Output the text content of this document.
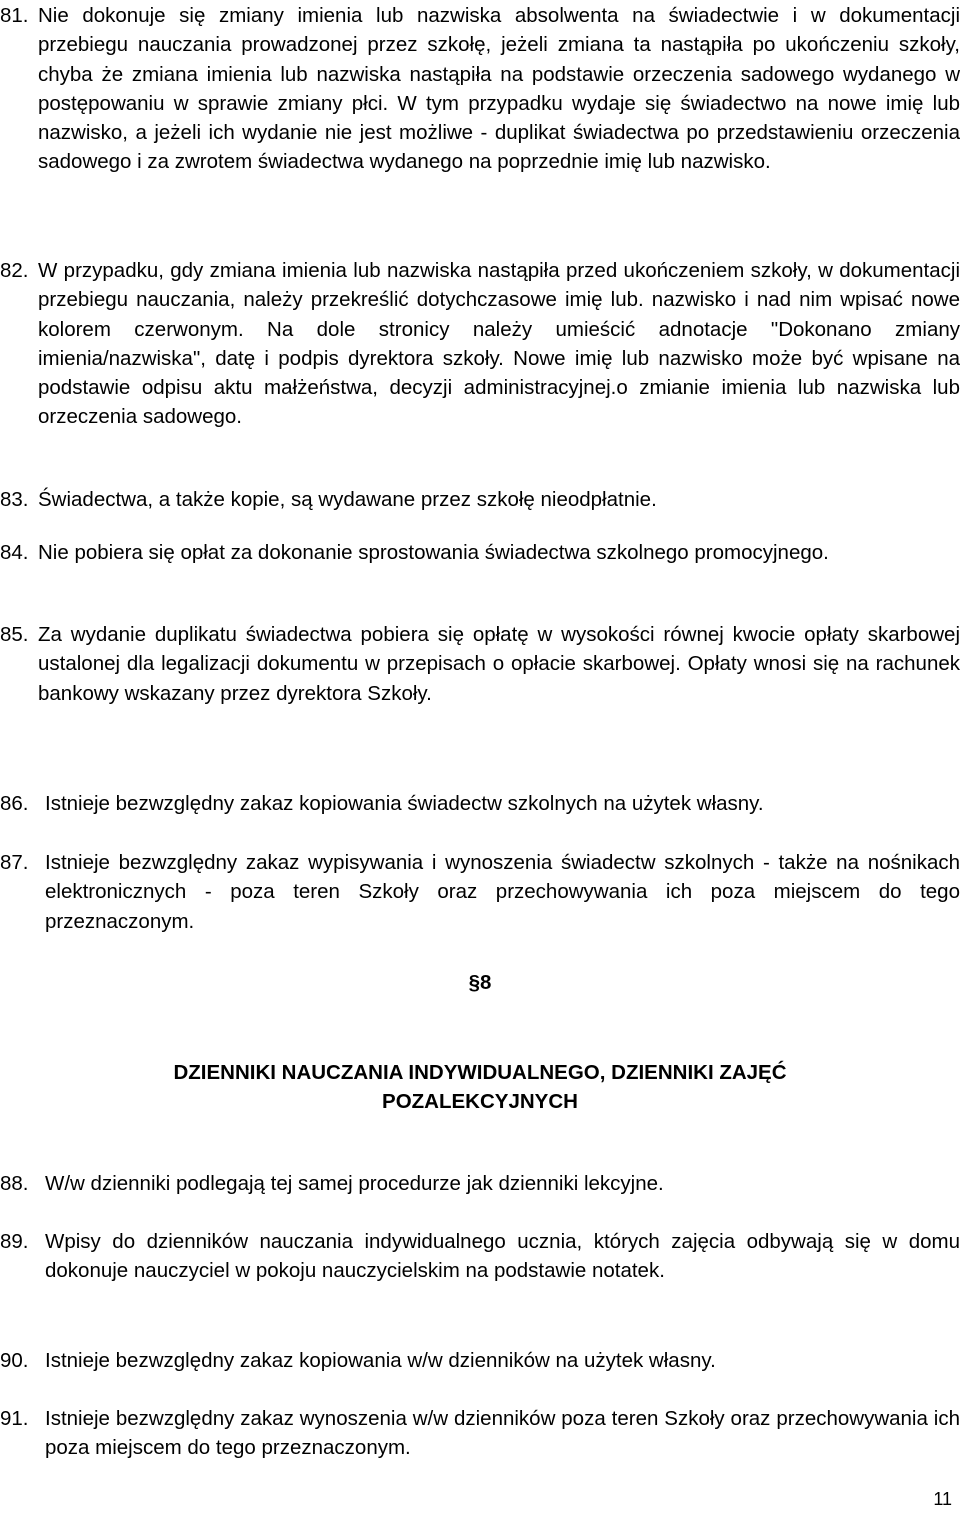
81. Nie dokonuje się zmiany imienia lub nazwiska absolwenta na świadectwie i w dokumentacji przebiegu nauczania prowadzonej przez szkołę, jeżeli zmiana ta nastąpiła po ukończeniu szkoły, chyba że zmiana imienia lub nazwiska nastąpiła na podstawie orzeczenia sadowego wydanego w postępowaniu w sprawie zmiany płci. W tym przypadku wydaje się świadectwo na nowe imię lub nazwisko, a jeżeli ich wydanie nie jest możliwe - duplikat świadectwa po przedstawieniu orzeczenia sadowego i za zwrotem świadectwa wydanego na poprzednie imię lub nazwisko.
82. W przypadku, gdy zmiana imienia lub nazwiska nastąpiła przed ukończeniem szkoły, w dokumentacji przebiegu nauczania, należy przekreślić dotychczasowe imię lub. nazwisko i nad nim wpisać nowe kolorem czerwonym. Na dole stronicy należy umieścić adnotacje "Dokonano zmiany imienia/nazwiska", datę i podpis dyrektora szkoły. Nowe imię lub nazwisko może być wpisane na podstawie odpisu aktu małżeństwa, decyzji administracyjnej.o zmianie imienia lub nazwiska lub orzeczenia sadowego.
83. Świadectwa, a także kopie, są wydawane przez szkołę nieodpłatnie.
84. Nie pobiera się opłat za dokonanie sprostowania świadectwa szkolnego promocyjnego.
85. Za wydanie duplikatu świadectwa pobiera się opłatę w wysokości równej kwocie opłaty skarbowej ustalonej dla legalizacji dokumentu w przepisach o opłacie skarbowej. Opłaty wnosi się na rachunek bankowy wskazany przez dyrektora Szkoły.
86. Istnieje bezwzględny zakaz kopiowania świadectw szkolnych na użytek własny.
87. Istnieje bezwzględny zakaz wypisywania i wynoszenia świadectw szkolnych - także na nośnikach elektronicznych - poza teren Szkoły oraz przechowywania ich poza miejscem do tego przeznaczonym.
§8
DZIENNIKI NAUCZANIA INDYWIDUALNEGO, DZIENNIKI ZAJĘĆ
POZALEKCYJNYCH
88. W/w dzienniki podlegają tej samej procedurze jak dzienniki lekcyjne.
89. Wpisy do dzienników nauczania indywidualnego ucznia, których zajęcia odbywają się w domu dokonuje nauczyciel w pokoju nauczycielskim na podstawie notatek.
90. Istnieje bezwzględny zakaz kopiowania w/w dzienników na użytek własny.
91. Istnieje bezwzględny zakaz wynoszenia w/w dzienników poza teren Szkoły oraz przechowywania ich poza miejscem do tego przeznaczonym.
11
